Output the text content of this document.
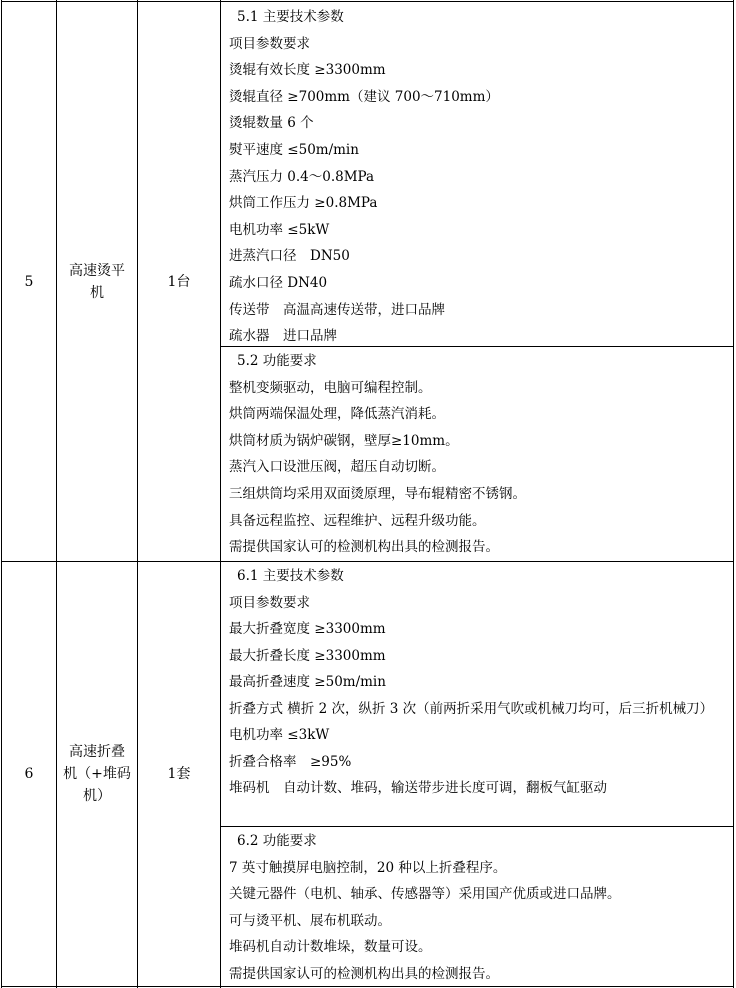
5
高速烫平
机
1台
6
高速折叠
机（+堆码
机）
1套
5.1 主要技术参数
项目参数要求
烫辊有效长度 ≥3300mm
烫辊直径 ≥700mm（建议 700～710mm）
烫辊数量 6 个
熨平速度 ≤50m/min
蒸汽压力 0.4～0.8MPa
烘筒工作压力 ≥0.8MPa
电机功率 ≤5kW
进蒸汽口径　DN50
疏水口径 DN40
传送带　高温高速传送带，进口品牌
疏水器　进口品牌
5.2 功能要求
整机变频驱动，电脑可编程控制。
烘筒两端保温处理，降低蒸汽消耗。
烘筒材质为锅炉碳钢，壁厚≥10mm。
蒸汽入口设泄压阀，超压自动切断。
三组烘筒均采用双面烫原理，导布辊精密不锈钢。
具备远程监控、远程维护、远程升级功能。
需提供国家认可的检测机构出具的检测报告。
6.1 主要技术参数
项目参数要求
最大折叠宽度 ≥3300mm
最大折叠长度 ≥3300mm
最高折叠速度 ≥50m/min
折叠方式 横折 2 次，纵折 3 次（前两折采用气吹或机械刀均可，后三折机械刀）
电机功率 ≤3kW
折叠合格率　≥95%
堆码机　自动计数、堆码，输送带步进长度可调，翻板气缸驱动
6.2 功能要求
7 英寸触摸屏电脑控制，20 种以上折叠程序。
关键元器件（电机、轴承、传感器等）采用国产优质或进口品牌。
可与烫平机、展布机联动。
堆码机自动计数堆垛，数量可设。
需提供国家认可的检测机构出具的检测报告。
